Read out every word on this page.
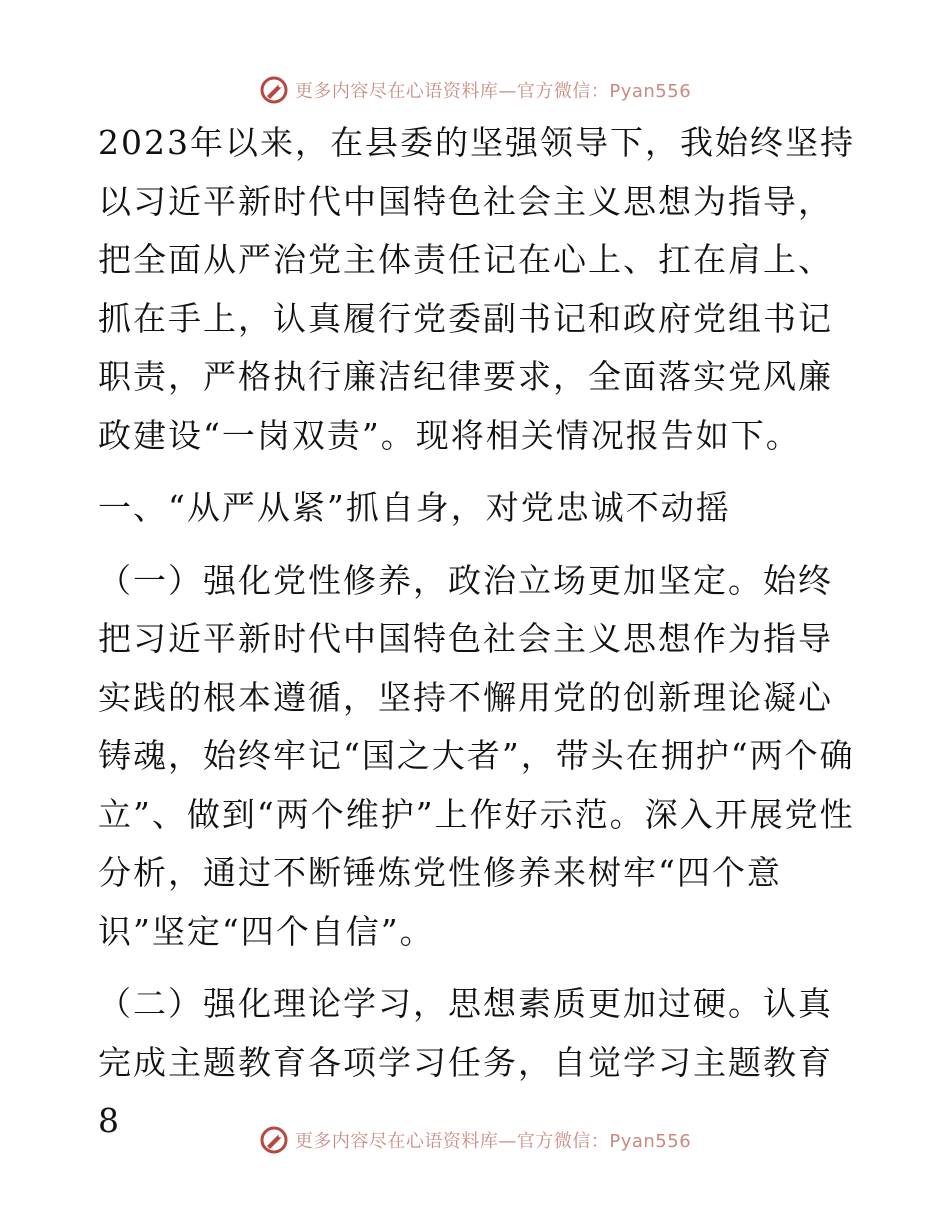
更多内容尽在心语资料库—官方微信：Pyan556

2023年以来，在县委的坚强领导下，我始终坚持以习近平新时代中国特色社会主义思想为指导，把全面从严治党主体责任记在心上、扛在肩上、抓在手上，认真履行党委副书记和政府党组书记职责，严格执行廉洁纪律要求，全面落实党风廉政建设“一岗双责”。现将相关情况报告如下。

一、“从严从紧”抓自身，对党忠诚不动摇

（一）强化党性修养，政治立场更加坚定。始终把习近平新时代中国特色社会主义思想作为指导实践的根本遵循，坚持不懈用党的创新理论凝心铸魂，始终牢记“国之大者”，带头在拥护“两个确立”、做到“两个维护”上作好示范。深入开展党性分析，通过不断锤炼党性修养来树牢“四个意识”坚定“四个自信”。

（二）强化理论学习，思想素质更加过硬。认真完成主题教育各项学习任务，自觉学习主题教育 8

更多内容尽在心语资料库—官方微信：Pyan556
